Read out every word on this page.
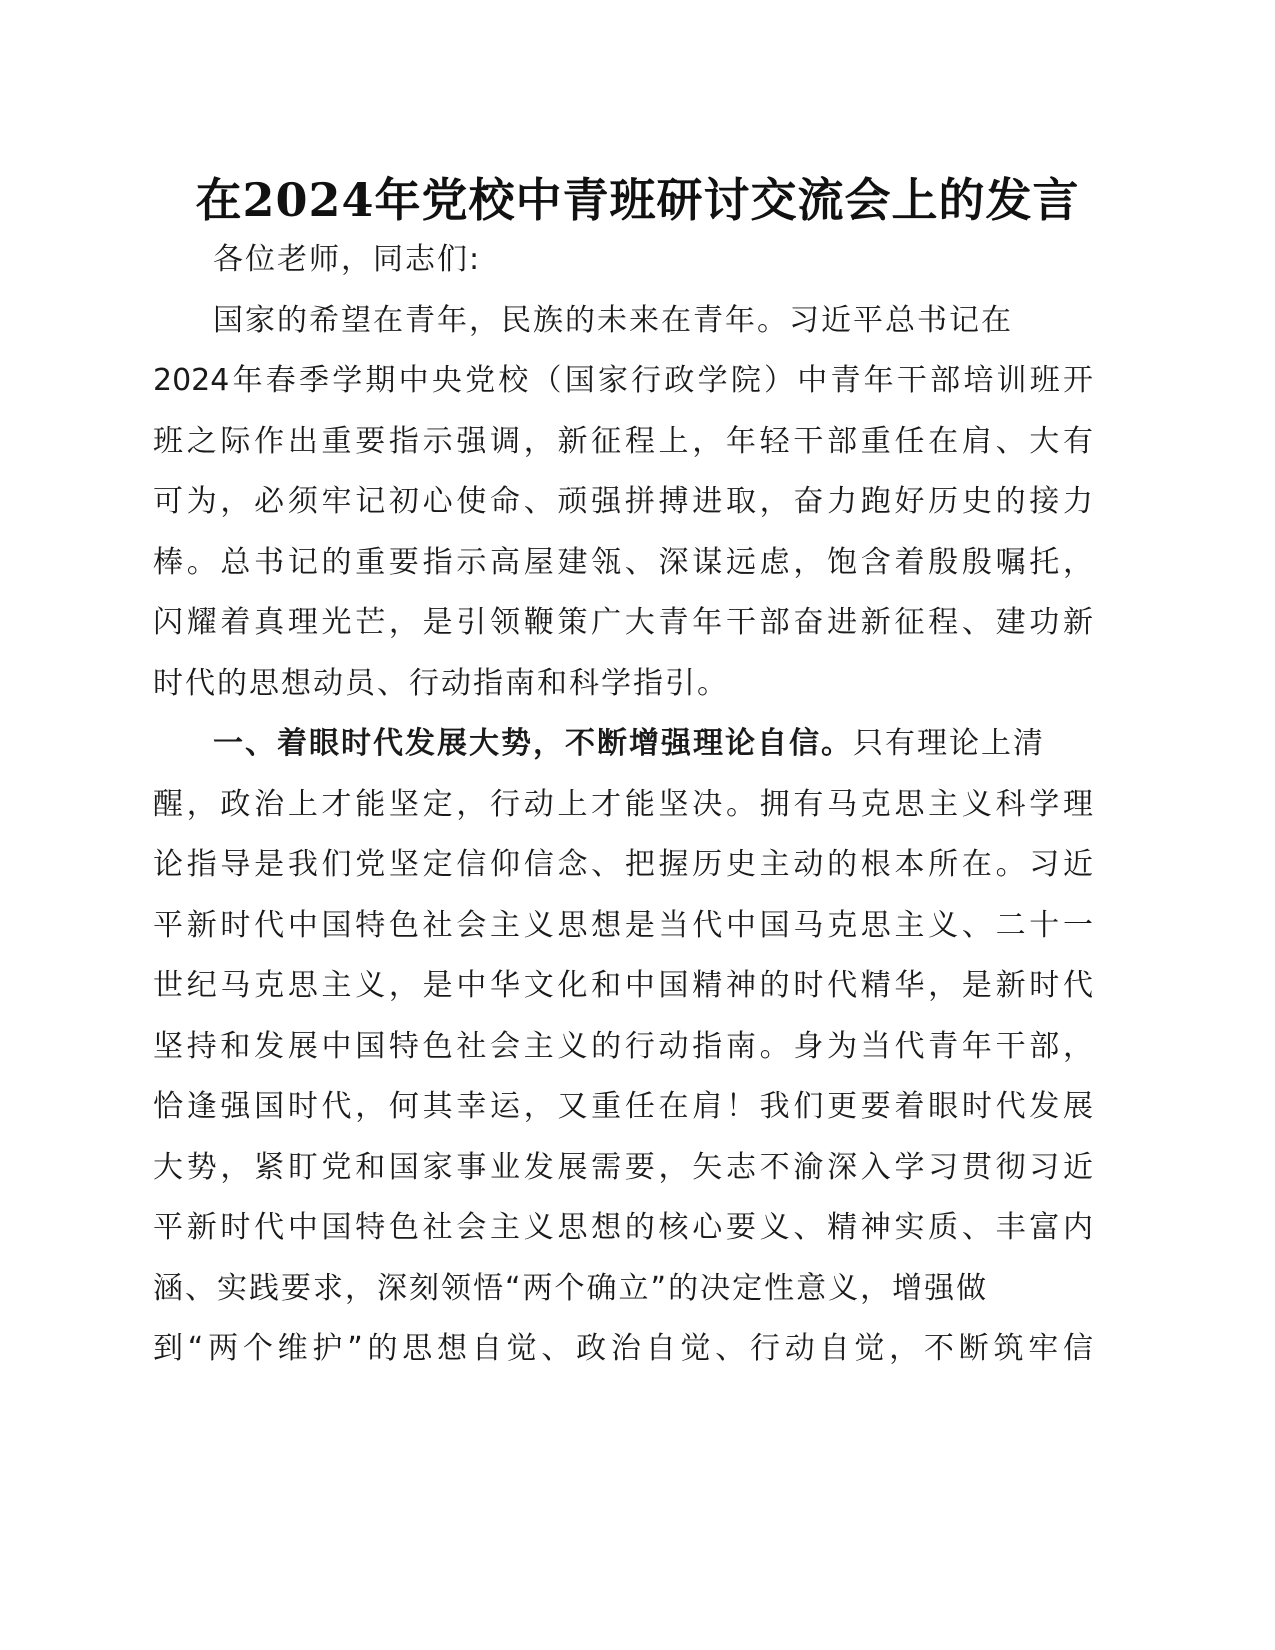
在2024年党校中青班研讨交流会上的发言

各位老师，同志们:

国家的希望在青年，民族的未来在青年。习近平总书记在

2024年春季学期中央党校（国家行政学院）中青年干部培训班开

班之际作出重要指示强调，新征程上，年轻干部重任在肩、大有

可为，必须牢记初心使命、顽强拼搏进取，奋力跑好历史的接力

棒。总书记的重要指示高屋建瓴、深谋远虑，饱含着殷殷嘱托，

闪耀着真理光芒，是引领鞭策广大青年干部奋进新征程、建功新

时代的思想动员、行动指南和科学指引。

一、着眼时代发展大势，不断增强理论自信。只有理论上清

醒，政治上才能坚定，行动上才能坚决。拥有马克思主义科学理

论指导是我们党坚定信仰信念、把握历史主动的根本所在。习近

平新时代中国特色社会主义思想是当代中国马克思主义、二十一

世纪马克思主义，是中华文化和中国精神的时代精华，是新时代

坚持和发展中国特色社会主义的行动指南。身为当代青年干部，

恰逢强国时代，何其幸运，又重任在肩！我们更要着眼时代发展

大势，紧盯党和国家事业发展需要，矢志不渝深入学习贯彻习近

平新时代中国特色社会主义思想的核心要义、精神实质、丰富内

涵、实践要求，深刻领悟“两个确立”的决定性意义，增强做

到“两个维护”的思想自觉、政治自觉、行动自觉，不断筑牢信
